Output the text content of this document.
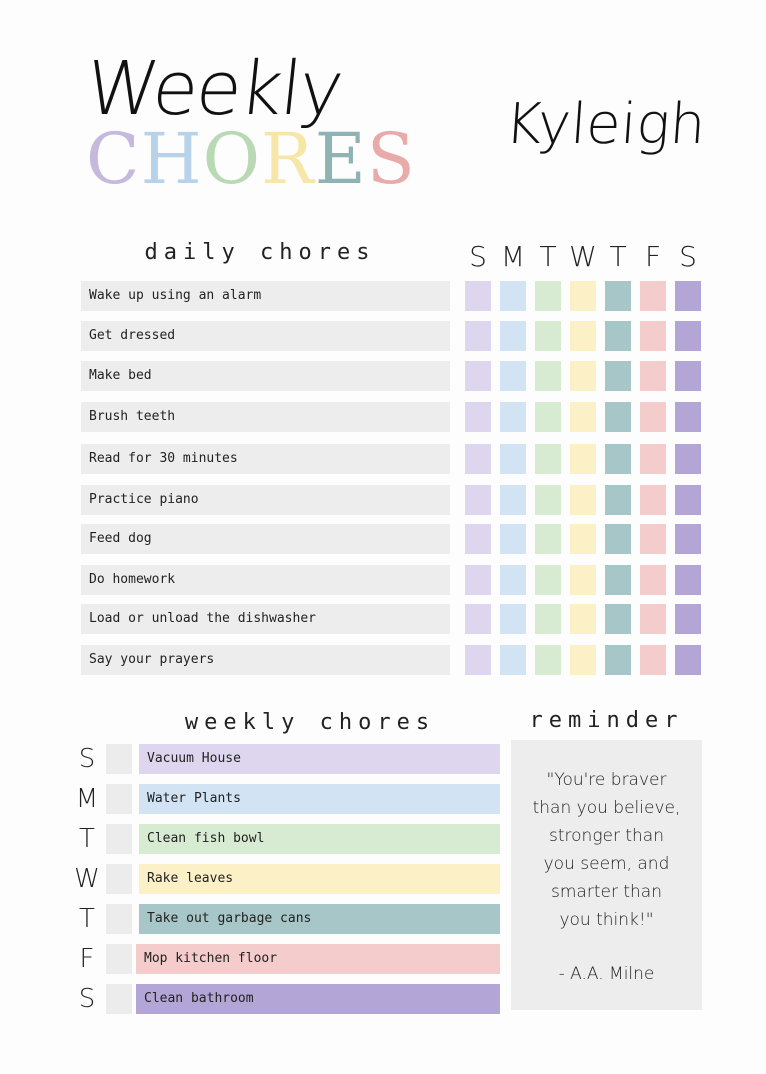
Weekly
CHORES Kyleigh
daily chores	S M T W T F S
Wake up using an alarm
Get dressed
Make bed
Brush teeth
Read for 30 minutes
Practice piano
Feed dog
Do homework
Load or unload the dishwasher
Say your prayers
weekly chores	reminder
S	Vacuum House
M	Water Plants
T	Clean fish bowl
W	Rake leaves
T	Take out garbage cans
F	Mop kitchen floor
S	Clean bathroom
"You're braver
than you believe,
stronger than
you seem, and
smarter than
you think!"
- A.A. Milne
